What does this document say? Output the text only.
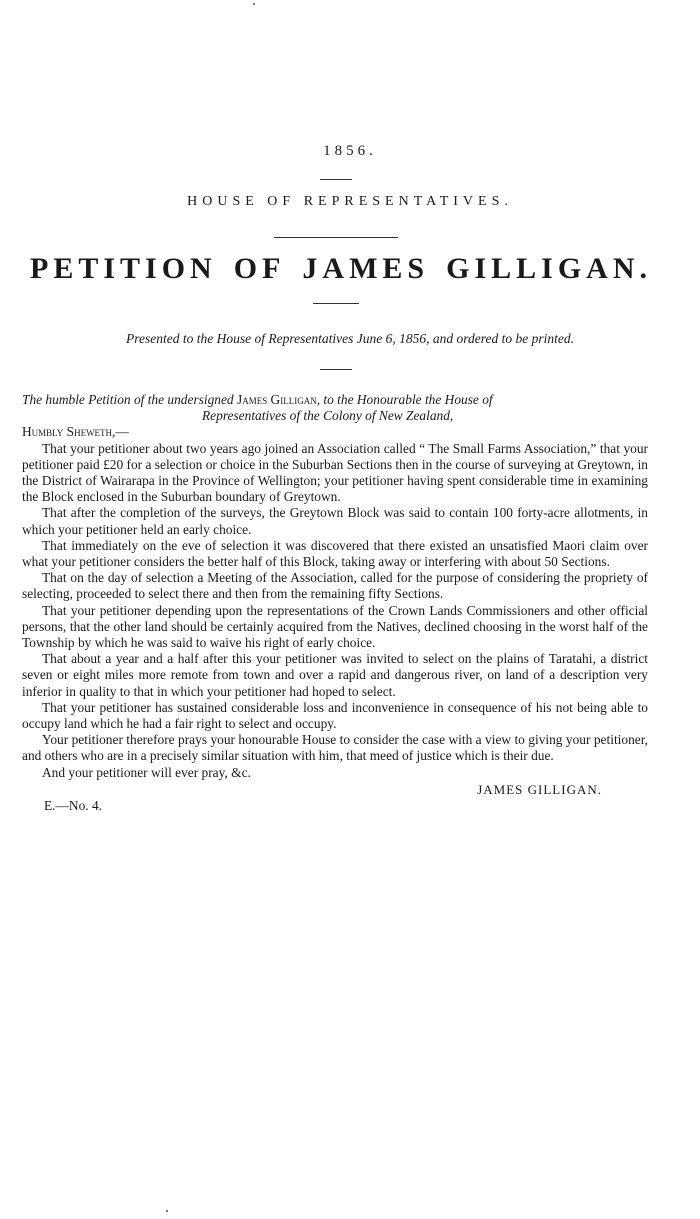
1856.
HOUSE OF REPRESENTATIVES.
PETITION OF JAMES GILLIGAN.
Presented to the House of Representatives June 6, 1856, and ordered to be printed.

The humble Petition of the undersigned James Gilligan, to the Honourable the House of

Representatives of the Colony of New Zealand,

Humbly Sheweth,—

That your petitioner about two years ago joined an Association called “ The Small Farms Association,” that your petitioner paid £20 for a selection or choice in the Suburban Sections then in the course of surveying at Greytown, in the District of Wairarapa in the Province of Wellington; your petitioner having spent considerable time in examining the Block enclosed in the Suburban boundary of Greytown.

That after the completion of the surveys, the Greytown Block was said to contain 100 forty-acre allotments, in which your petitioner held an early choice.

That immediately on the eve of selection it was discovered that there existed an unsatisfied Maori claim over what your petitioner considers the better half of this Block, taking away or interfering with about 50 Sections.

That on the day of selection a Meeting of the Association, called for the purpose of considering the propriety of selecting, proceeded to select there and then from the remaining fifty Sections.

That your petitioner depending upon the representations of the Crown Lands Commissioners and other official persons, that the other land should be certainly acquired from the Natives, declined choosing in the worst half of the Township by which he was said to waive his right of early choice.

That about a year and a half after this your petitioner was invited to select on the plains of Taratahi, a district seven or eight miles more remote from town and over a rapid and dangerous river, on land of a description very inferior in quality to that in which your petitioner had hoped to select.

That your petitioner has sustained considerable loss and inconvenience in consequence of his not being able to occupy land which he had a fair right to select and occupy.

Your petitioner therefore prays your honourable House to consider the case with a view to giving your petitioner, and others who are in a precisely similar situation with him, that meed of justice which is their due.

And your petitioner will ever pray, &c.

JAMES GILLIGAN.

E.—No. 4.
